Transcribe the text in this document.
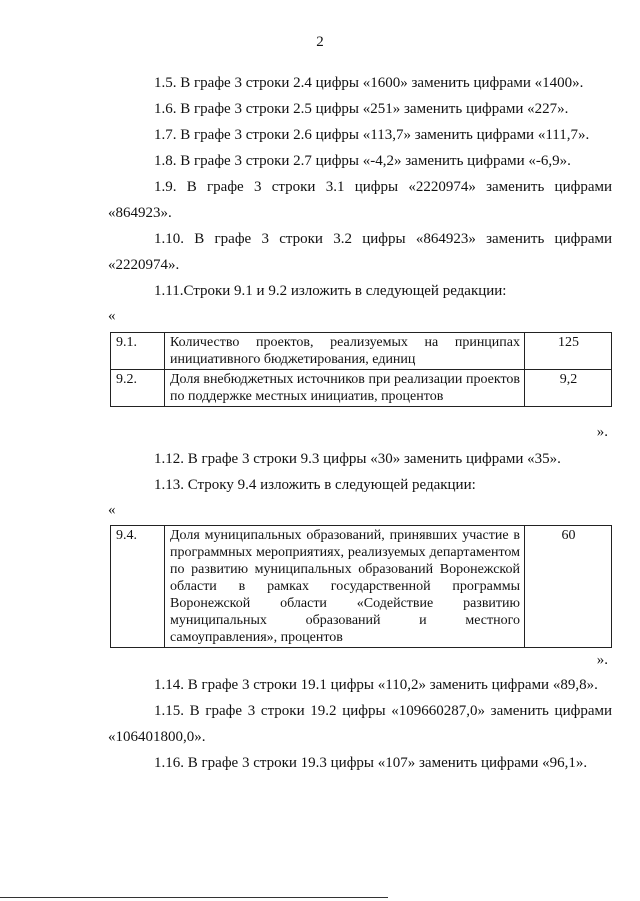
2
1.5. В графе 3 строки 2.4 цифры «1600» заменить цифрами «1400».
1.6. В графе 3 строки 2.5 цифры «251» заменить цифрами «227».
1.7. В графе 3 строки 2.6 цифры «113,7» заменить цифрами «111,7».
1.8. В графе 3 строки 2.7 цифры «-4,2» заменить цифрами «-6,9».
1.9. В графе 3 строки 3.1 цифры «2220974» заменить цифрами «864923».
1.10. В графе 3 строки 3.2 цифры «864923» заменить цифрами «2220974».
1.11.Строки 9.1 и 9.2 изложить в следующей редакции:
«
9.1.	Количество проектов, реализуемых на принципах инициативного бюджетирования, единиц	125
9.2.	Доля внебюджетных источников при реализации проектов по поддержке местных инициатив, процентов	9,2
».
1.12. В графе 3 строки 9.3 цифры «30» заменить цифрами «35».
1.13. Строку 9.4 изложить в следующей редакции:
«
9.4.	Доля муниципальных образований, принявших участие в программных мероприятиях, реализуемых департаментом по развитию муниципальных образований Воронежской области в рамках государственной программы Воронежской области «Содействие развитию муниципальных образований и местного самоуправления», процентов	60
».
1.14. В графе 3 строки 19.1 цифры «110,2» заменить цифрами «89,8».
1.15. В графе 3 строки 19.2 цифры «109660287,0» заменить цифрами «106401800,0».
1.16. В графе 3 строки 19.3 цифры «107» заменить цифрами «96,1».
